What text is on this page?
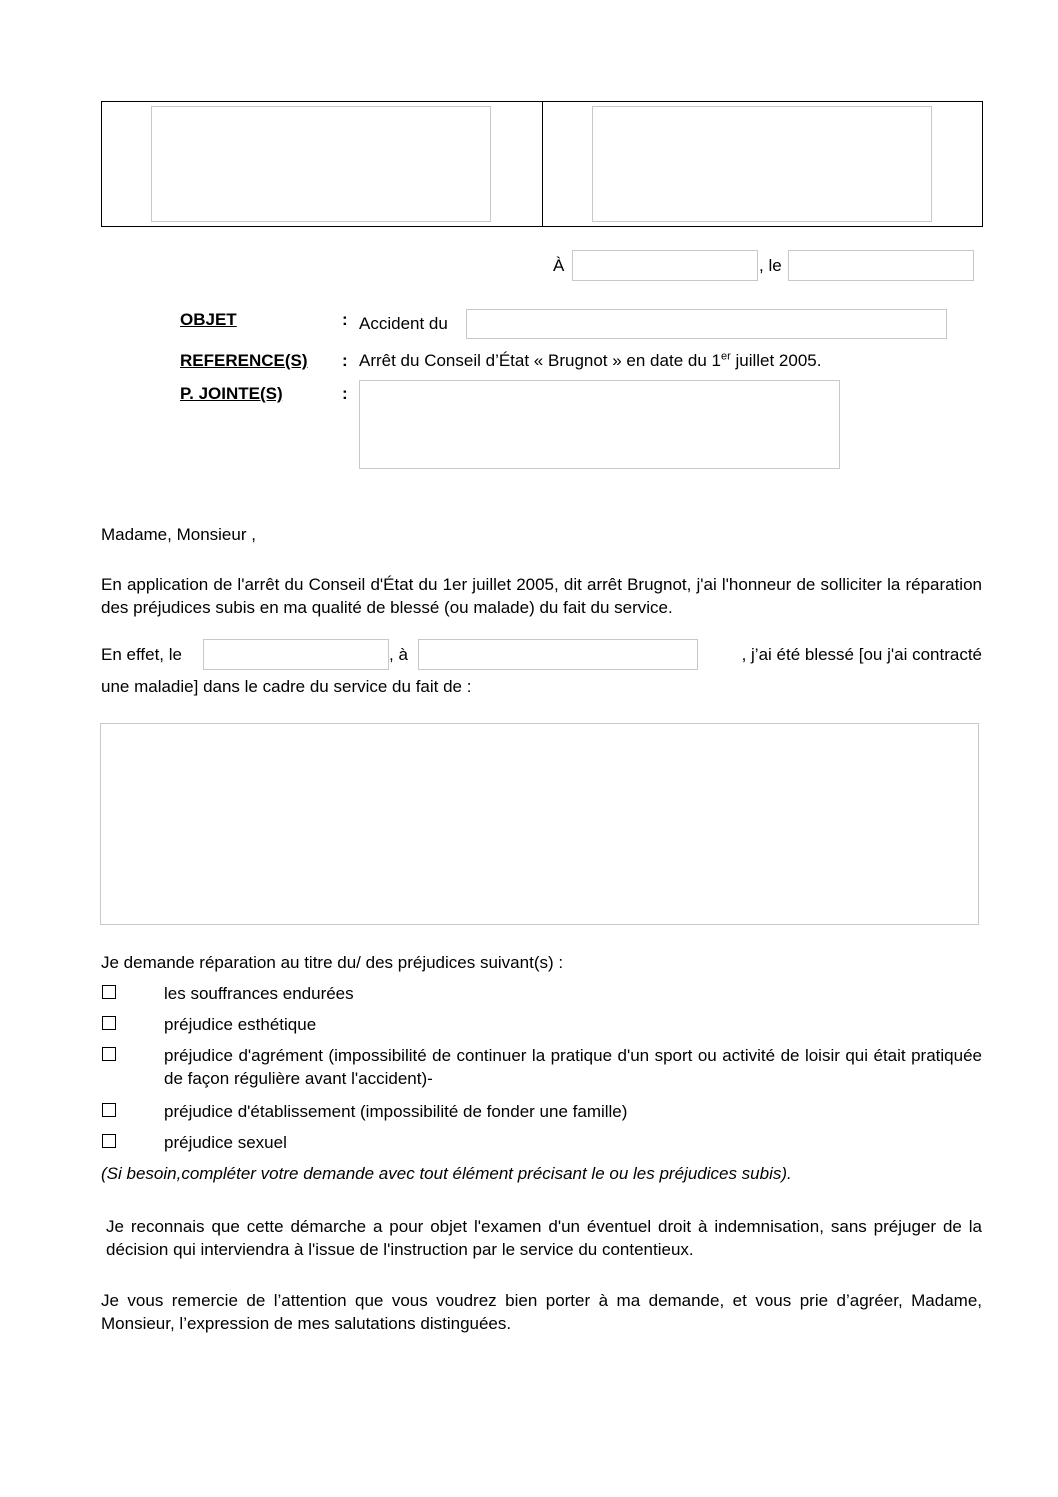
À	, le
OBJET	: Accident du
REFERENCE(S) : Arrêt du Conseil d’État « Brugnot » en date du 1er juillet 2005.
P. JOINTE(S)	:
Madame, Monsieur ,
En application de l'arrêt du Conseil d'État du 1er juillet 2005, dit arrêt Brugnot, j'ai l'honneur de solliciter la réparation des préjudices subis en ma qualité de blessé (ou malade) du fait du service.
En effet, le	, à	, j’ai été blessé [ou j'ai contracté
une maladie] dans le cadre du service du fait de :
Je demande réparation au titre du/ des préjudices suivant(s) :
les souffrances endurées
préjudice esthétique
préjudice d'agrément (impossibilité de continuer la pratique d'un sport ou activité de loisir qui était pratiquée de façon régulière avant l'accident)-
préjudice d'établissement (impossibilité de fonder une famille)
préjudice sexuel
(Si besoin,compléter votre demande avec tout élément précisant le ou les préjudices subis).
Je reconnais que cette démarche a pour objet l'examen d'un éventuel droit à indemnisation, sans préjuger de la décision qui interviendra à l'issue de l'instruction par le service du contentieux.
Je vous remercie de l’attention que vous voudrez bien porter à ma demande, et vous prie d’agréer, Madame, Monsieur, l’expression de mes salutations distinguées.
